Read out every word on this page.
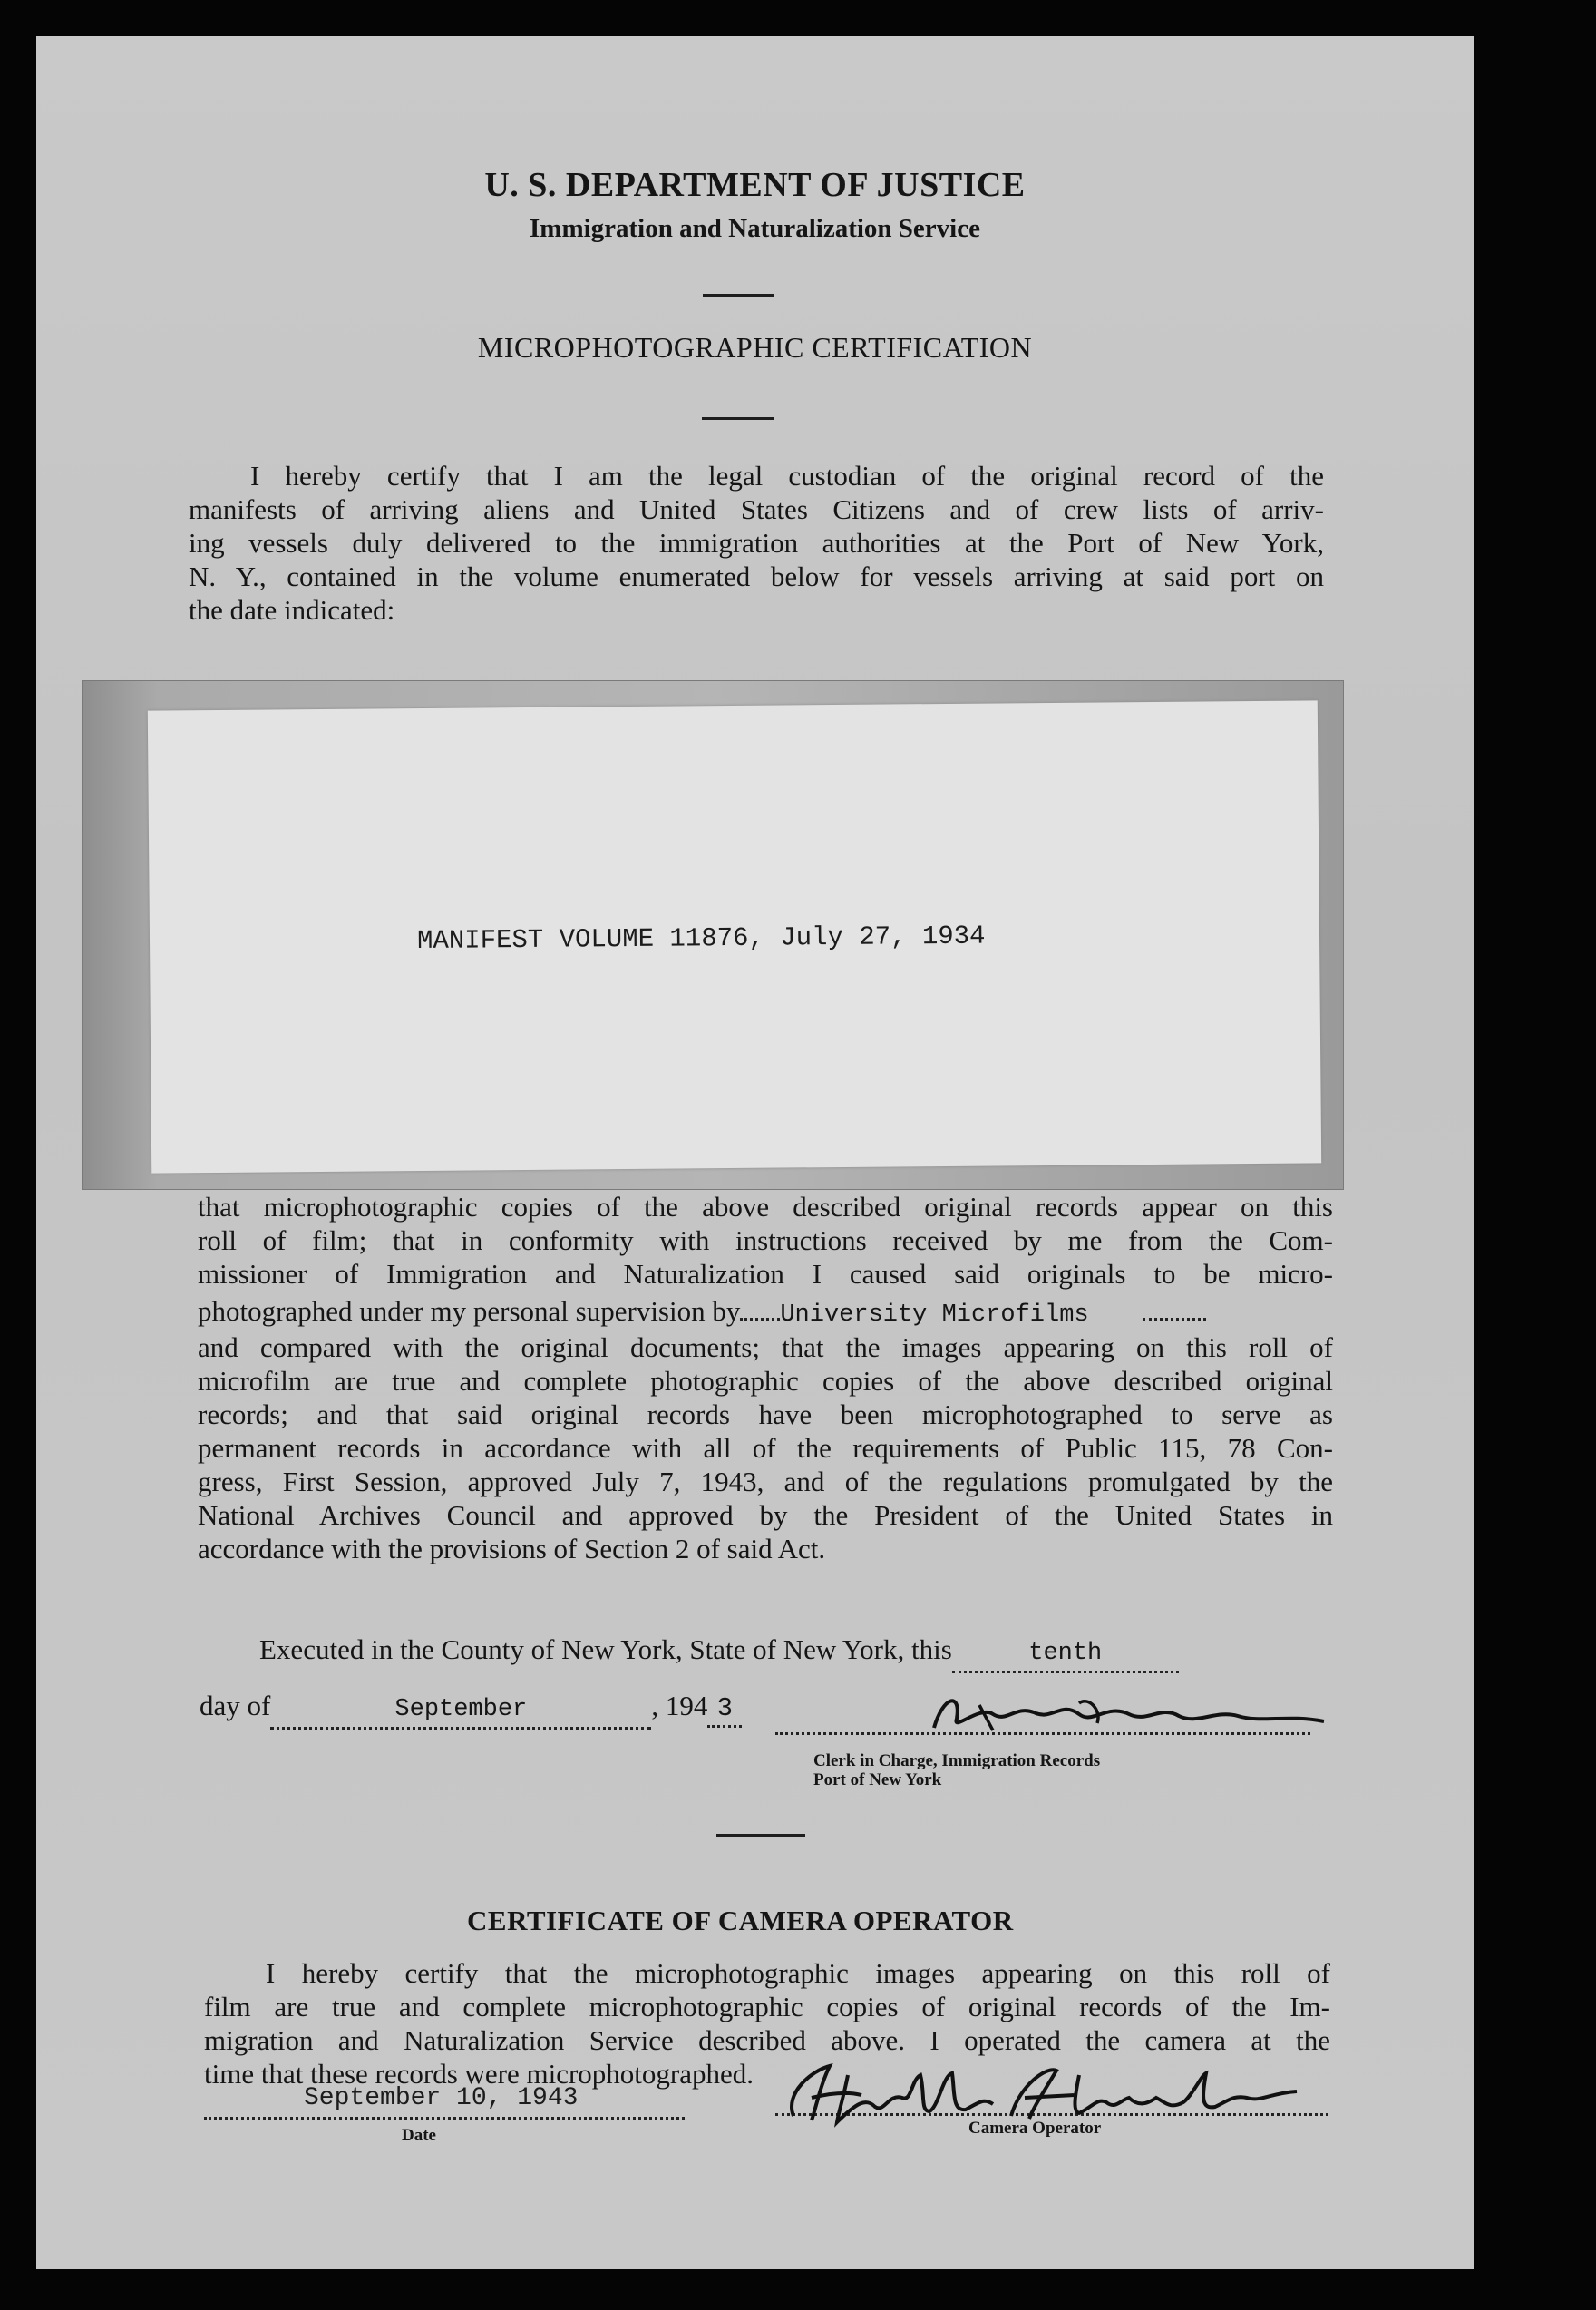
U. S. DEPARTMENT OF JUSTICE
Immigration and Naturalization Service
MICROPHOTOGRAPHIC CERTIFICATION
I hereby certify that I am the legal custodian of the original record of the
manifests of arriving aliens and United States Citizens and of crew lists of arriv-
ing vessels duly delivered to the immigration authorities at the Port of New York,
N. Y., contained in the volume enumerated below for vessels arriving at said port on
the date indicated:
MANIFEST VOLUME 11876, July 27, 1934
that microphotographic copies of the above described original records appear on this
roll of film; that in conformity with instructions received by me from the Com-
missioner of Immigration and Naturalization I caused said originals to be micro-
photographed under my personal supervision by University Microfilms
and compared with the original documents; that the images appearing on this roll of
microfilm are true and complete photographic copies of the above described original
records; and that said original records have been microphotographed to serve as
permanent records in accordance with all of the requirements of Public 115, 78 Con-
gress, First Session, approved July 7, 1943, and of the regulations promulgated by the
National Archives Council and approved by the President of the United States in
accordance with the provisions of Section 2 of said Act.
Executed in the County of New York, State of New York, this	tenth
day of	September	, 194 3
Clerk in Charge, Immigration Records
Port of New York
CERTIFICATE OF CAMERA OPERATOR
I hereby certify that the microphotographic images appearing on this roll of
film are true and complete microphotographic copies of original records of the Im-
migration and Naturalization Service described above. I operated the camera at the
time that these records were microphotographed.
September 10, 1943
Date	Camera Operator
